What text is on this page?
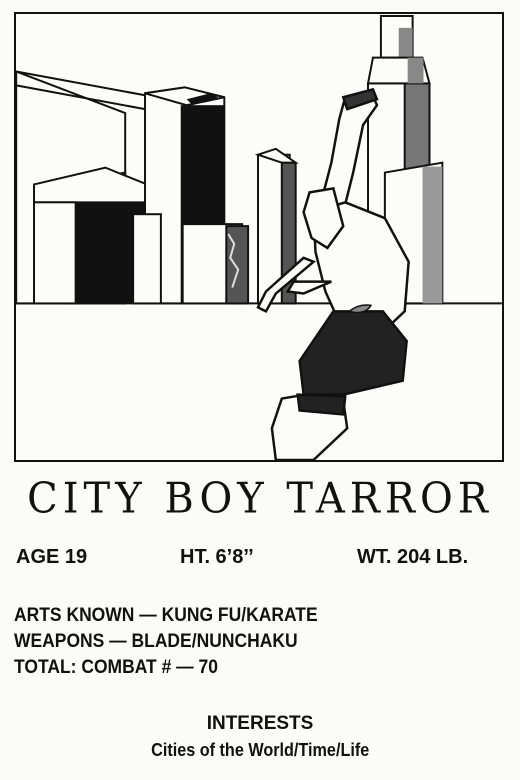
CITY BOY TARROR
AGE 19	HT. 6’8’’	WT. 204 LB.
ARTS KNOWN — KUNG FU/KARATE
WEAPONS — BLADE/NUNCHAKU
TOTAL: COMBAT # — 70
INTERESTS
Cities of the World/Time/Life
